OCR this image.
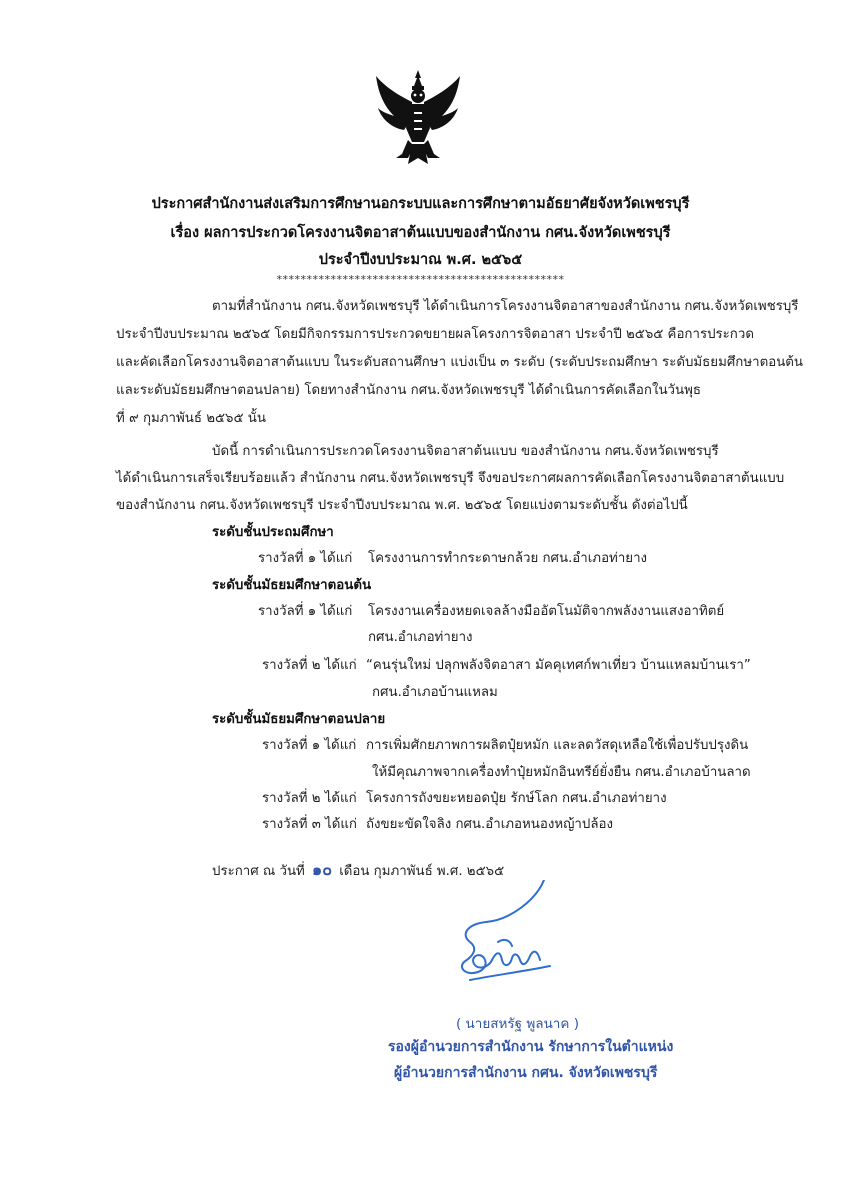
ประกาศสำนักงานส่งเสริมการศึกษานอกระบบและการศึกษาตามอัธยาศัยจังหวัดเพชรบุรี
เรื่อง ผลการประกวดโครงงานจิตอาสาต้นแบบของสำนักงาน กศน.จังหวัดเพชรบุรี
ประจำปีงบประมาณ พ.ศ. ๒๕๖๕
************************************************
ตามที่สำนักงาน กศน.จังหวัดเพชรบุรี ได้ดำเนินการโครงงานจิตอาสาของสำนักงาน กศน.จังหวัดเพชรบุรี
ประจำปีงบประมาณ ๒๕๖๕ โดยมีกิจกรรมการประกวดขยายผลโครงการจิตอาสา ประจำปี ๒๕๖๕ คือการประกวด
และคัดเลือกโครงงานจิตอาสาต้นแบบ ในระดับสถานศึกษา แบ่งเป็น ๓ ระดับ (ระดับประถมศึกษา ระดับมัธยมศึกษาตอนต้น
และระดับมัธยมศึกษาตอนปลาย) โดยทางสำนักงาน กศน.จังหวัดเพชรบุรี ได้ดำเนินการคัดเลือกในวันพุธ
ที่ ๙ กุมภาพันธ์ ๒๕๖๕ นั้น
บัดนี้ การดำเนินการประกวดโครงงานจิตอาสาต้นแบบ ของสำนักงาน กศน.จังหวัดเพชรบุรี
ได้ดำเนินการเสร็จเรียบร้อยแล้ว สำนักงาน กศน.จังหวัดเพชรบุรี จึงขอประกาศผลการคัดเลือกโครงงานจิตอาสาต้นแบบ
ของสำนักงาน กศน.จังหวัดเพชรบุรี ประจำปีงบประมาณ พ.ศ. ๒๕๖๕ โดยแบ่งตามระดับชั้น ดังต่อไปนี้
ระดับชั้นประถมศึกษา
รางวัลที่ ๑ ได้แก่ โครงงานการทำกระดาษกล้วย กศน.อำเภอท่ายาง
ระดับชั้นมัธยมศึกษาตอนต้น
รางวัลที่ ๑ ได้แก่ โครงงานเครื่องหยดเจลล้างมืออัตโนมัติจากพลังงานแสงอาทิตย์
กศน.อำเภอท่ายาง
รางวัลที่ ๒ ได้แก่ “คนรุ่นใหม่ ปลุกพลังจิตอาสา มัคคุเทศก์พาเที่ยว บ้านแหลมบ้านเรา”
กศน.อำเภอบ้านแหลม
ระดับชั้นมัธยมศึกษาตอนปลาย
รางวัลที่ ๑ ได้แก่ การเพิ่มศักยภาพการผลิตปุ๋ยหมัก และลดวัสดุเหลือใช้เพื่อปรับปรุงดิน
ให้มีคุณภาพจากเครื่องทำปุ๋ยหมักอินทรีย์ยั่งยืน กศน.อำเภอบ้านลาด
รางวัลที่ ๒ ได้แก่ โครงการถังขยะหยอดปุ๋ย รักษ์โลก กศน.อำเภอท่ายาง
รางวัลที่ ๓ ได้แก่ ถังขยะขัดใจลิง กศน.อำเภอหนองหญ้าปล้อง
ประกาศ ณ วันที่ ๑๐ เดือน กุมภาพันธ์ พ.ศ. ๒๕๖๕
( นายสหรัฐ พูลนาค )
รองผู้อำนวยการสำนักงาน รักษาการในตำแหน่ง
ผู้อำนวยการสำนักงาน กศน. จังหวัดเพชรบุรี
